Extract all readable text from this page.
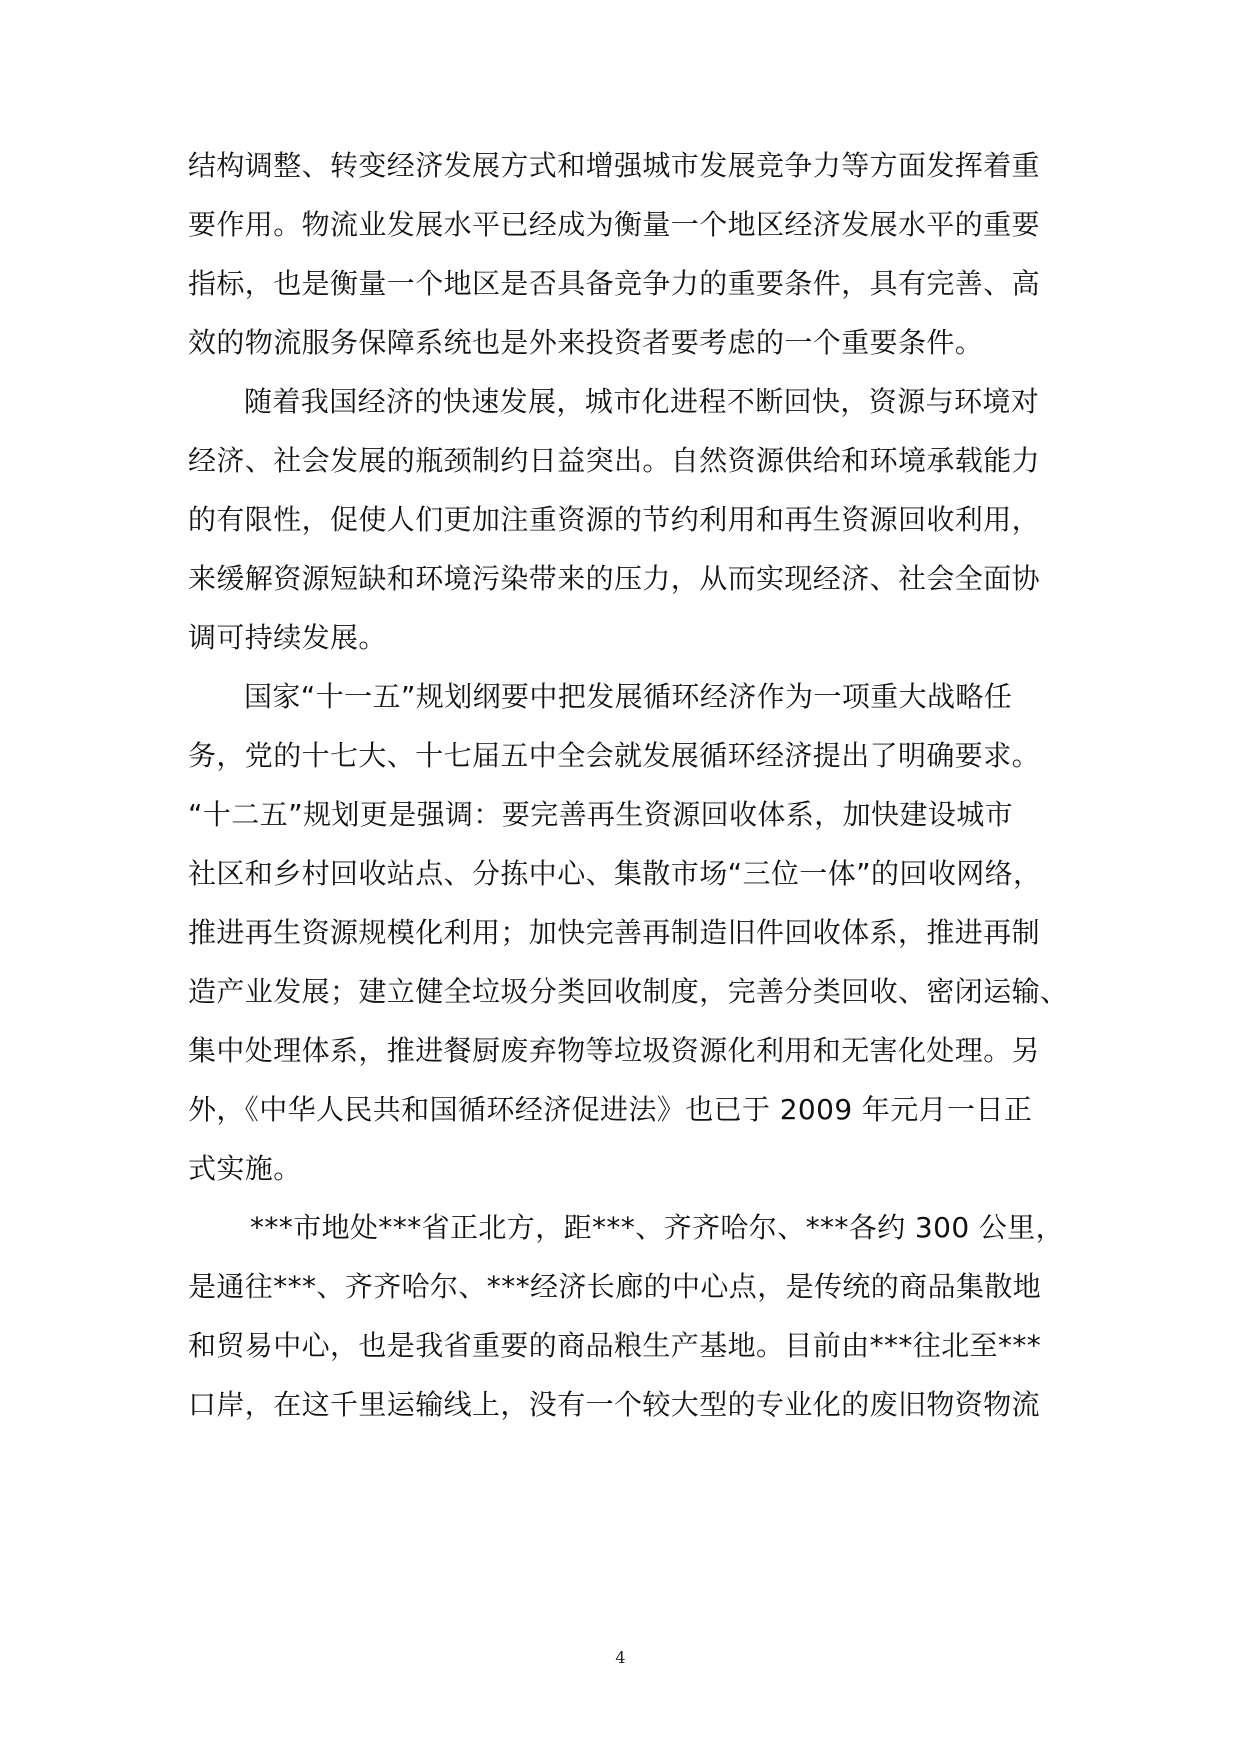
结构调整、转变经济发展方式和增强城市发展竞争力等方面发挥着重
要作用。物流业发展水平已经成为衡量一个地区经济发展水平的重要
指标，也是衡量一个地区是否具备竞争力的重要条件，具有完善、高
效的物流服务保障系统也是外来投资者要考虑的一个重要条件。
随着我国经济的快速发展，城市化进程不断回快，资源与环境对
经济、社会发展的瓶颈制约日益突出。自然资源供给和环境承载能力
的有限性，促使人们更加注重资源的节约利用和再生资源回收利用，
来缓解资源短缺和环境污染带来的压力，从而实现经济、社会全面协
调可持续发展。
国家“十一五”规划纲要中把发展循环经济作为一项重大战略任
务，党的十七大、十七届五中全会就发展循环经济提出了明确要求。
“十二五”规划更是强调：要完善再生资源回收体系，加快建设城市
社区和乡村回收站点、分拣中心、集散市场“三位一体”的回收网络，
推进再生资源规模化利用；加快完善再制造旧件回收体系，推进再制
造产业发展；建立健全垃圾分类回收制度，完善分类回收、密闭运输、
集中处理体系，推进餐厨废弃物等垃圾资源化利用和无害化处理。另
外，《中华人民共和国循环经济促进法》也已于 2009 年元月一日正
式实施。
***市地处***省正北方，距***、齐齐哈尔、***各约 300 公里，
是通往***、齐齐哈尔、***经济长廊的中心点，是传统的商品集散地
和贸易中心，也是我省重要的商品粮生产基地。目前由***往北至***
口岸，在这千里运输线上，没有一个较大型的专业化的废旧物资物流
4
